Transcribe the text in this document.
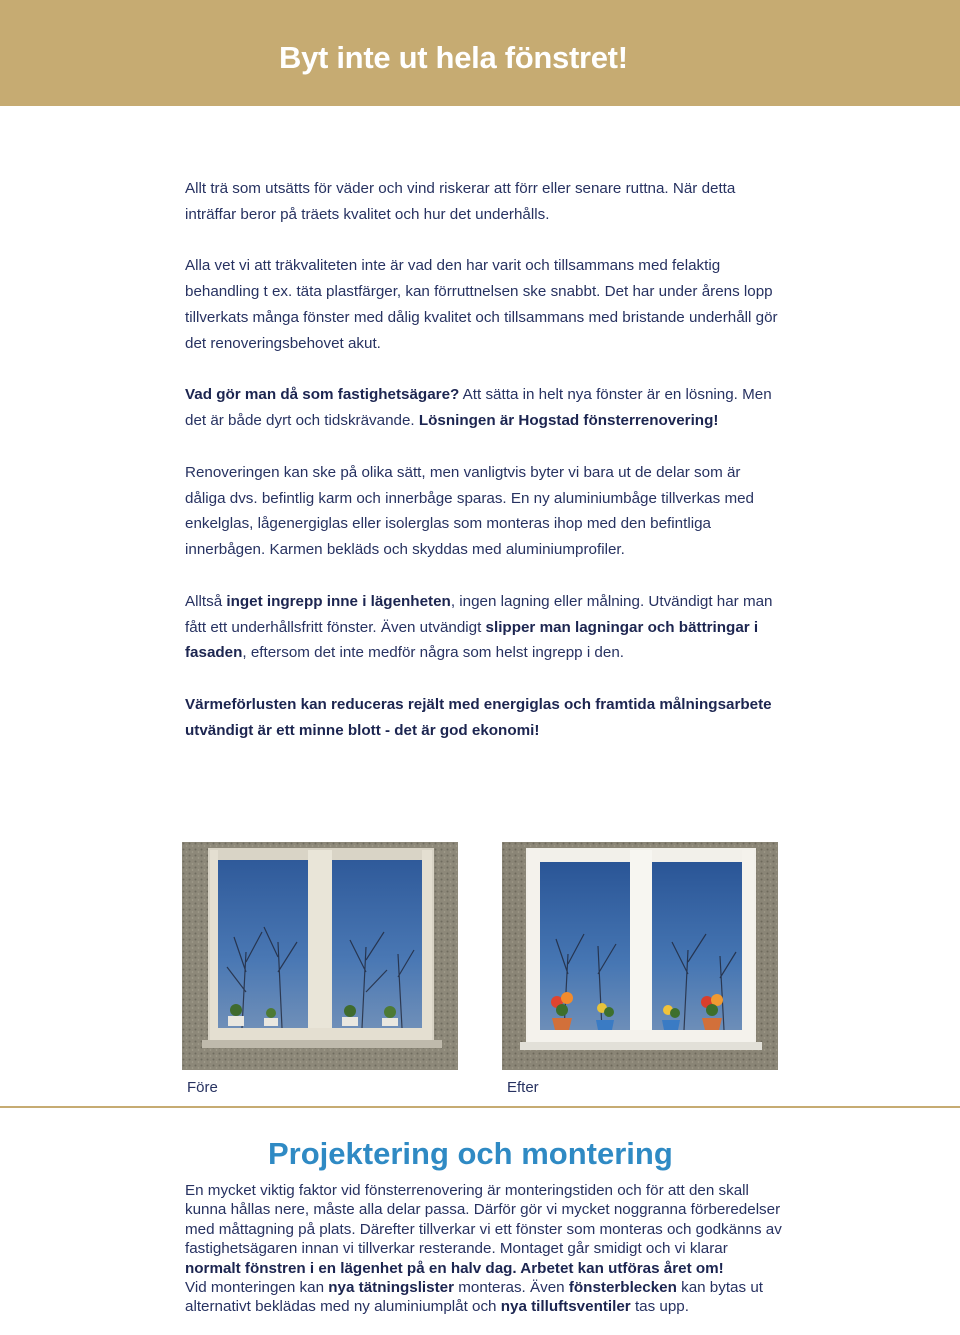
Byt inte ut hela fönstret!

Allt trä som utsätts för väder och vind riskerar att förr eller senare ruttna. När detta inträffar beror på träets kvalitet och hur det underhålls.

Alla vet vi att träkvaliteten inte är vad den har varit och tillsammans med felaktig behandling t ex. täta plastfärger, kan förruttnelsen ske snabbt. Det har under årens lopp tillverkats många fönster med dålig kvalitet och tillsammans med bristande underhåll gör det renoveringsbehovet akut.

Vad gör man då som fastighetsägare? Att sätta in helt nya fönster är en lösning. Men det är både dyrt och tidskrävande. Lösningen är Hogstad fönsterrenovering!

Renoveringen kan ske på olika sätt, men vanligtvis byter vi bara ut de delar som är dåliga dvs. befintlig karm och innerbåge sparas. En ny aluminiumbåge tillverkas med enkelglas, lågenergiglas eller isolerglas som monteras ihop med den befintliga innerbågen. Karmen bekläds och skyddas med aluminiumprofiler.

Alltså inget ingrepp inne i lägenheten, ingen lagning eller målning. Utvändigt har man fått ett underhållsfritt fönster. Även utvändigt slipper man lagningar och bättringar i fasaden, eftersom det inte medför några som helst ingrepp i den.

Värmeförlusten kan reduceras rejält med energiglas och framtida målningsarbete utvändigt är ett minne blott - det är god ekonomi!

Före	Efter
Projektering och montering
En mycket viktig faktor vid fönsterrenovering är monteringstiden och för att den skall kunna hållas nere, måste alla delar passa. Därför gör vi mycket noggranna förberedelser med måttagning på plats. Därefter tillverkar vi ett fönster som monteras och godkänns av fastighetsägaren innan vi tillverkar resterande. Montaget går smidigt och vi klarar normalt fönstren i en lägenhet på en halv dag. Arbetet kan utföras året om!
Vid monteringen kan nya tätningslister monteras. Även fönsterblecken kan bytas ut alternativt beklädas med ny aluminiumplåt och nya tilluftsventiler tas upp.
